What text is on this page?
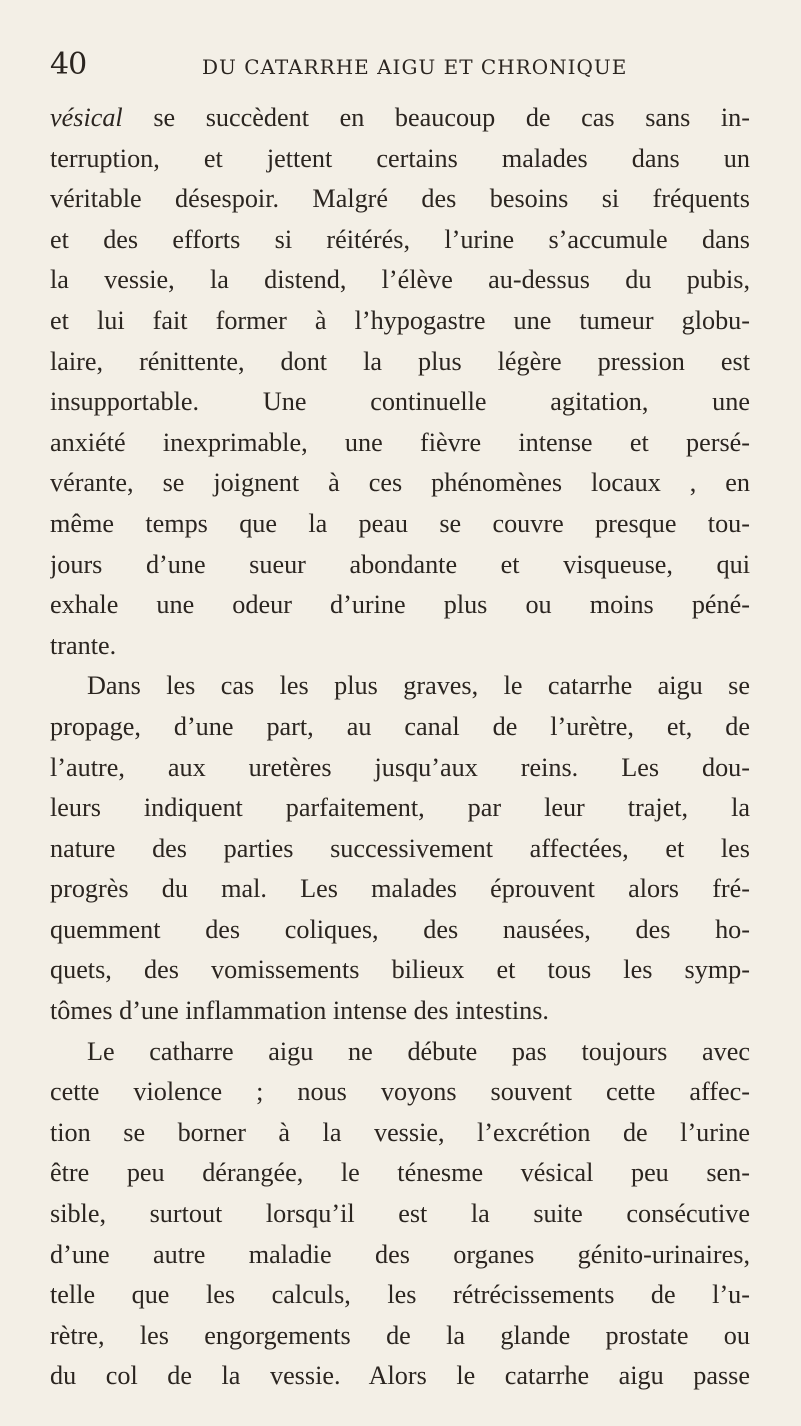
40	DU CATARRHE AIGU ET CHRONIQUE
vésical se succèdent en beaucoup de cas sans in-
terruption, et jettent certains malades dans un
véritable désespoir. Malgré des besoins si fréquents
et des efforts si réitérés, l’urine s’accumule dans
la vessie, la distend, l’élève au-dessus du pubis,
et lui fait former à l’hypogastre une tumeur globu-
laire, rénittente, dont la plus légère pression est
insupportable. Une continuelle agitation, une
anxiété inexprimable, une fièvre intense et persé-
vérante, se joignent à ces phénomènes locaux , en
même temps que la peau se couvre presque tou-
jours d’une sueur abondante et visqueuse, qui
exhale une odeur d’urine plus ou moins péné-
trante.
Dans les cas les plus graves, le catarrhe aigu se
propage, d’une part, au canal de l’urètre, et, de
l’autre, aux uretères jusqu’aux reins. Les dou-
leurs indiquent parfaitement, par leur trajet, la
nature des parties successivement affectées, et les
progrès du mal. Les malades éprouvent alors fré-
quemment des coliques, des nausées, des ho-
quets, des vomissements bilieux et tous les symp-
tômes d’une inflammation intense des intestins.
Le catharre aigu ne débute pas toujours avec
cette violence ; nous voyons souvent cette affec-
tion se borner à la vessie, l’excrétion de l’urine
être peu dérangée, le ténesme vésical peu sen-
sible, surtout lorsqu’il est la suite consécutive
d’une autre maladie des organes génito-urinaires,
telle que les calculs, les rétrécissements de l’u-
rètre, les engorgements de la glande prostate ou
du col de la vessie. Alors le catarrhe aigu passe
